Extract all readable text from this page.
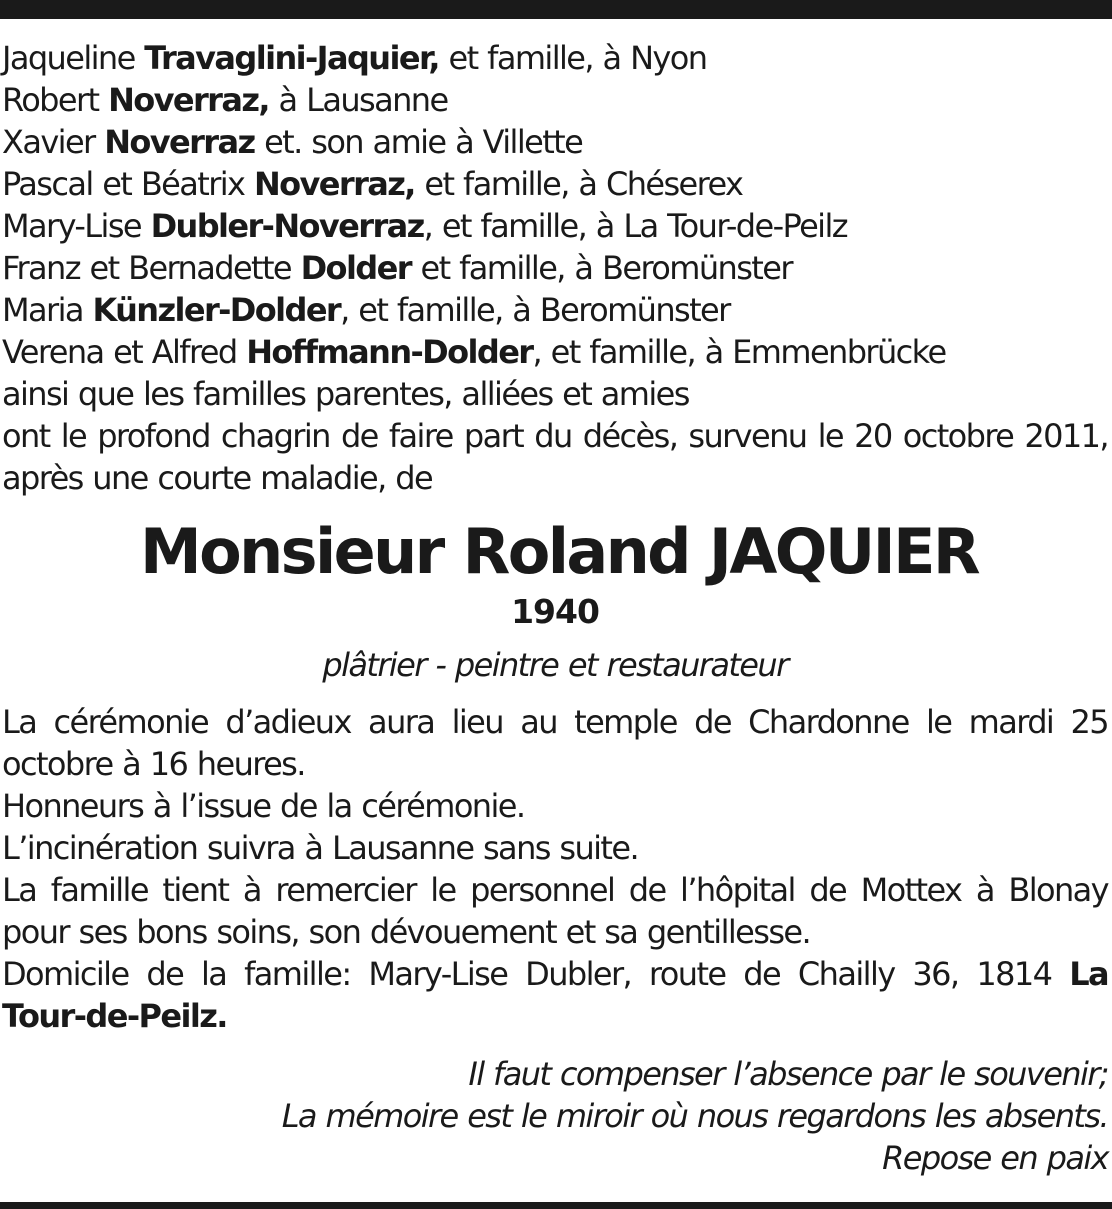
Jaqueline Travaglini-Jaquier, et famille, à Nyon
Robert Noverraz, à Lausanne
Xavier Noverraz et. son amie à Villette
Pascal et Béatrix Noverraz, et famille, à Chéserex
Mary-Lise Dubler-Noverraz, et famille, à La Tour-de-Peilz
Franz et Bernadette Dolder et famille, à Beromünster
Maria Künzler-Dolder, et famille, à Beromünster
Verena et Alfred Hoffmann-Dolder, et famille, à Emmenbrücke
ainsi que les familles parentes, alliées et amies

ont le profond chagrin de faire part du décès, survenu le 20 octobre 2011, après une courte maladie, de

Monsieur Roland JAQUIER
1940
plâtrier - peintre et restaurateur

La cérémonie d’adieux aura lieu au temple de Chardonne le mardi 25 octobre à 16 heures.

Honneurs à l’issue de la cérémonie.

L’incinération suivra à Lausanne sans suite.

La famille tient à remercier le personnel de l’hôpital de Mottex à Blonay pour ses bons soins, son dévouement et sa gentillesse.

Domicile de la famille: Mary-Lise Dubler, route de Chailly 36, 1814 La Tour-de-Peilz.

Il faut compenser l’absence par le souvenir;
La mémoire est le miroir où nous regardons les absents.
Repose en paix
